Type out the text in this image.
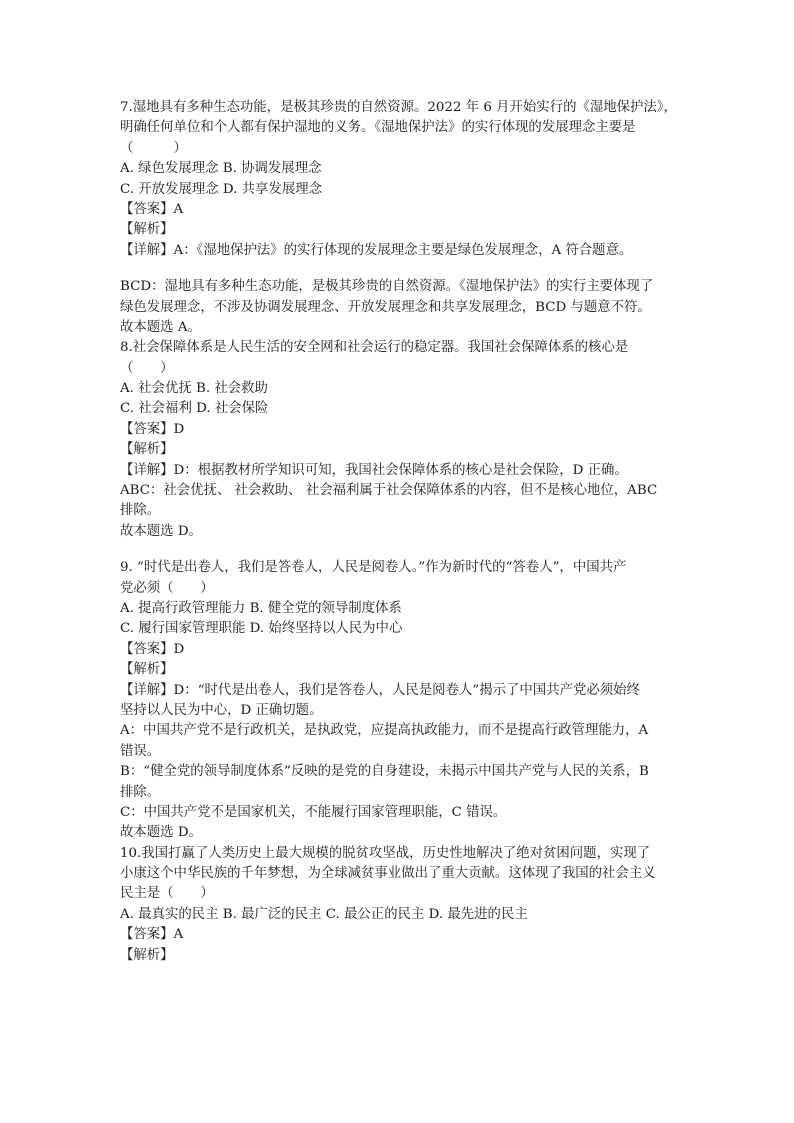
7.湿地具有多种生态功能，是极其珍贵的自然资源。2022 年 6 月开始实行的《湿地保护法》，

明确任何单位和个人都有保护湿地的义务。《湿地保护法》的实行体现的发展理念主要是

（　　　）

A. 绿色发展理念 B. 协调发展理念

C. 开放发展理念 D. 共享发展理念

【答案】A

【解析】

【详解】A：《湿地保护法》的实行体现的发展理念主要是绿色发展理念，A 符合题意。

BCD：湿地具有多种生态功能，是极其珍贵的自然资源。《湿地保护法》的实行主要体现了

绿色发展理念，不涉及协调发展理念、开放发展理念和共享发展理念，BCD 与题意不符。

故本题选 A。

8.社会保障体系是人民生活的安全网和社会运行的稳定器。我国社会保障体系的核心是

（　　）

A. 社会优抚 B. 社会救助

C. 社会福利 D. 社会保险

【答案】D

【解析】

【详解】D：根据教材所学知识可知，我国社会保障体系的核心是社会保险，D 正确。

ABC：社会优抚、 社会救助、 社会福利属于社会保障体系的内容，但不是核心地位，ABC

排除。

故本题选 D。

9. “时代是出卷人，我们是答卷人，人民是阅卷人。”作为新时代的“答卷人”，中国共产

党必须（　　）

A. 提高行政管理能力 B. 健全党的领导制度体系

C. 履行国家管理职能 D. 始终坚持以人民为中心

【答案】D

【解析】

【详解】D：“时代是出卷人，我们是答卷人，人民是阅卷人”揭示了中国共产党必须始终

坚持以人民为中心，D 正确切题。

A：中国共产党不是行政机关，是执政党，应提高执政能力，而不是提高行政管理能力，A

错误。

B：“健全党的领导制度体系”反映的是党的自身建设，未揭示中国共产党与人民的关系，B

排除。

C：中国共产党不是国家机关，不能履行国家管理职能，C 错误。

故本题选 D。

10.我国打赢了人类历史上最大规模的脱贫攻坚战，历史性地解决了绝对贫困问题，实现了

小康这个中华民族的千年梦想，为全球减贫事业做出了重大贡献。这体现了我国的社会主义

民主是（　　）

A. 最真实的民主 B. 最广泛的民主 C. 最公正的民主 D. 最先进的民主

【答案】A

【解析】
